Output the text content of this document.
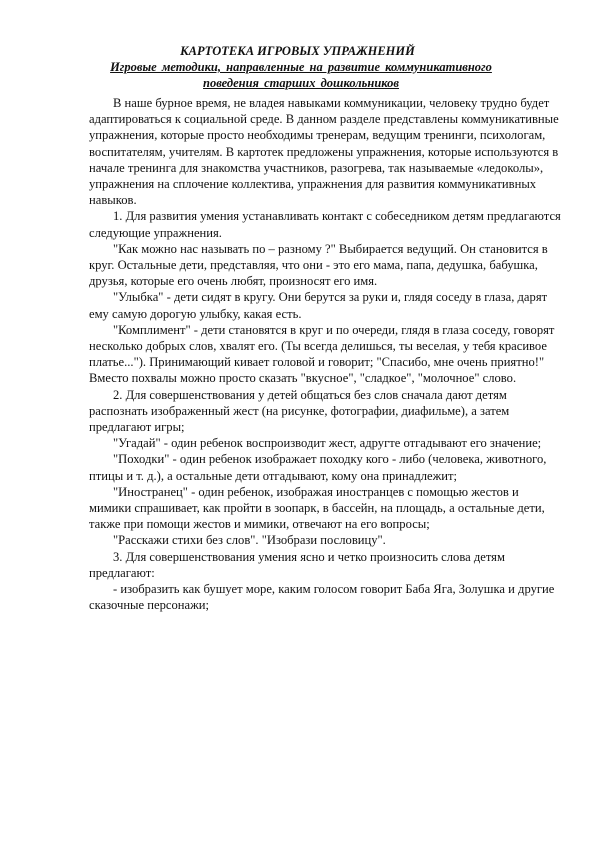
КАРТОТЕКА ИГРОВЫХ УПРАЖНЕНИЙ
Игровые методики, направленные на развитие коммуникативного поведения старших дошкольников

В наше бурное время, не владея навыками коммуникации, человеку трудно будет адаптироваться к социальной среде. В данном разделе представлены коммуникативные упражнения, которые просто необходимы тренерам, ведущим тренинги, психологам, воспитателям, учителям. В картотек предложены упражнения, которые используются в начале тренинга для знакомства участников, разогрева, так называемые «ледоколы», упражнения на сплочение коллектива, упражнения для развития коммуникативных навыков.

1. Для развития умения устанавливать контакт с собеседником детям предлагаются следующие упражнения.

"Как можно нас называть по – разному ?" Выбирается ведущий. Он становится в круг. Остальные дети, представляя, что они - это его мама, папа, дедушка, бабушка, друзья, которые его очень любят, произносят его имя.

"Улыбка" - дети сидят в кругу. Они берутся за руки и, глядя соседу в глаза, дарят ему самую дорогую улыбку, какая есть.

"Комплимент" - дети становятся в круг и по очереди, глядя в глаза соседу, говорят несколько добрых слов, хвалят его. (Ты всегда делишься, ты веселая, у тебя красивое платье..."). Принимающий кивает головой и говорит; "Спасибо, мне очень приятно!" Вместо похвалы можно просто сказать "вкусное", "сладкое", "молочное" слово.

2. Для совершенствования у детей общаться без слов сначала дают детям распознать изображенный жест (на рисунке, фотографии, диафильме), а затем предлагают игры;

"Угадай" - один ребенок воспроизводит жест, адругте отгадывают его значение;

"Походки" - один ребенок изображает походку кого - либо (человека, животного, птицы и т. д.), а остальные дети отгадывают, кому она принадлежит;

"Иностранец" - один ребенок, изображая иностранцев с помощью жестов и мимики спрашивает, как пройти в зоопарк, в бассейн, на площадь, а остальные дети, также при помощи жестов и мимики, отвечают на его вопросы;

"Расскажи стихи без слов". "Изобрази пословицу".

3. Для совершенствования умения ясно и четко произносить слова детям предлагают:

- изобразить как бушует море, каким голосом говорит Баба Яга, Золушка и другие сказочные персонажи;
